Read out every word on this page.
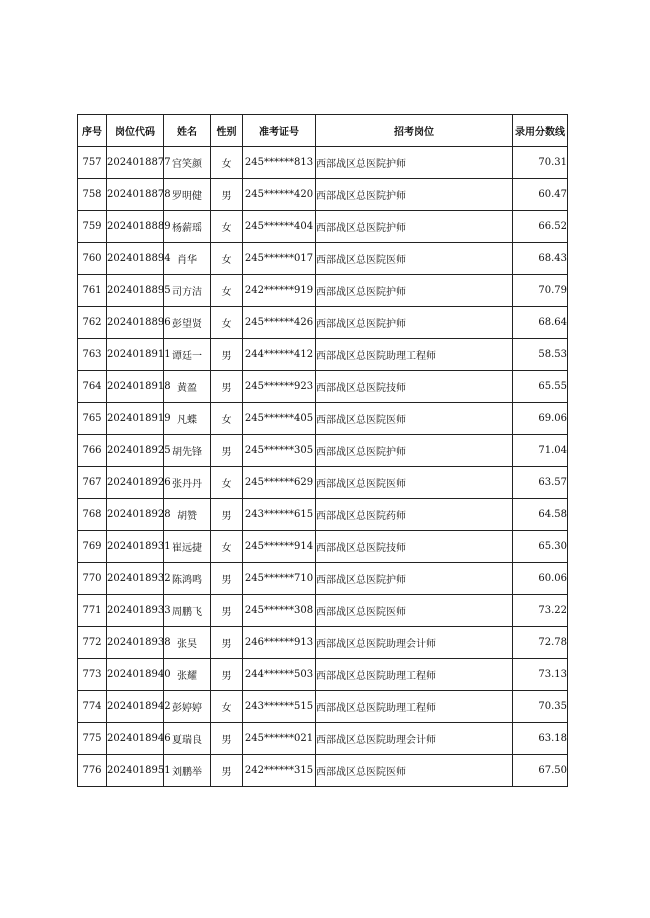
序号	岗位代码	姓名	性别	准考证号	招考岗位	录用分数线
757	2024018877	宫笑颜	女	245******813	西部战区总医院护师	70.31
758	2024018878	罗明健	男	245******420	西部战区总医院护师	60.47
759	2024018889	杨薪瑶	女	245******404	西部战区总医院护师	66.52
760	2024018894	肖华	女	245******017	西部战区总医院医师	68.43
761	2024018895	司方洁	女	242******919	西部战区总医院护师	70.79
762	2024018896	彭望贤	女	245******426	西部战区总医院护师	68.64
763	2024018911	谭廷一	男	244******412	西部战区总医院助理工程师	58.53
764	2024018918	黄盈	男	245******923	西部战区总医院技师	65.55
765	2024018919	凡蝶	女	245******405	西部战区总医院医师	69.06
766	2024018925	胡先锋	男	245******305	西部战区总医院护师	71.04
767	2024018926	张丹丹	女	245******629	西部战区总医院医师	63.57
768	2024018928	胡赞	男	243******615	西部战区总医院药师	64.58
769	2024018931	崔远捷	女	245******914	西部战区总医院技师	65.30
770	2024018932	陈鸿鸣	男	245******710	西部战区总医院护师	60.06
771	2024018933	周鹏飞	男	245******308	西部战区总医院医师	73.22
772	2024018938	张昊	男	246******913	西部战区总医院助理会计师	72.78
773	2024018940	张耀	男	244******503	西部战区总医院助理工程师	73.13
774	2024018942	彭婷婷	女	243******515	西部战区总医院助理工程师	70.35
775	2024018946	夏瑞良	男	245******021	西部战区总医院助理会计师	63.18
776	2024018951	刘鹏举	男	242******315	西部战区总医院医师	67.50
